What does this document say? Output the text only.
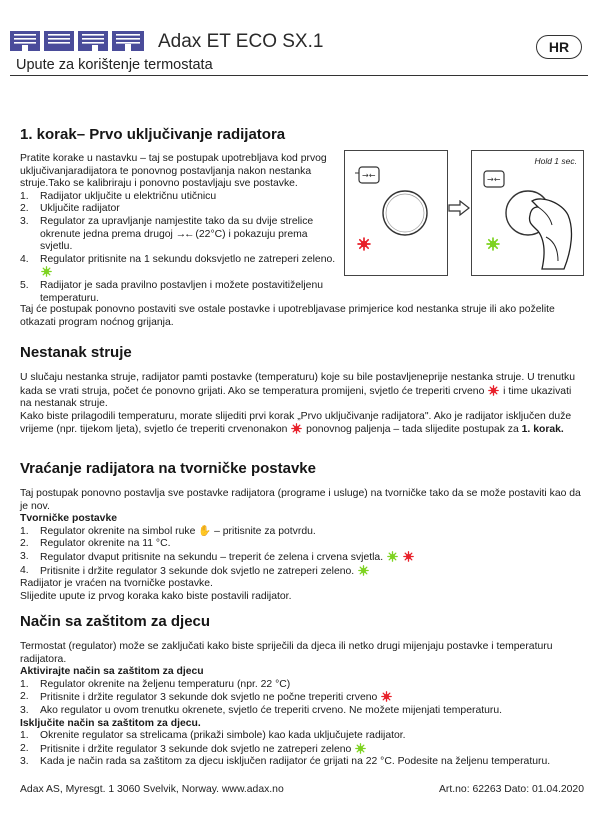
Adax ET ECO SX.1	HR
Upute za korištenje termostata
1. korak– Prvo uključivanje radijatora
Pratite korake u nastavku – taj se postupak upotrebljava kod prvog uključivanjaradijatora te ponovnog postavljanja nakon nestanka struje.Tako se kalibriraju i ponovno postavljaju sve postavke.
1.	Radijator uključite u električnu utičnicu
2.	Uključite radijator
3.	Regulator za upravljanje namjestite tako da su dvije strelice okrenute jedna prema drugoj →← (22°C) i pokazuju prema svjetlu.
4.	Regulator pritisnite na 1 sekundu doksvjetlo ne zatreperi zeleno.
5.	Radijator je sada pravilno postavljen i možete postavitiželjenu temperaturu.
→←
Hold 1 sec.
→←
Taj će postupak ponovno postaviti sve ostale postavke i upotrebljavase primjerice kod nestanka struje ili ako poželite otkazati program noćnog grijanja.
Nestanak struje
U slučaju nestanka struje, radijator pamti postavke (temperaturu) koje su bile postavljeneprije nestanka struje. U trenutku kada se vrati struja, počet će ponovno grijati. Ako se temperatura promijeni, svjetlo će treperiti crveno i time ukazivati na nestanak struje.
Kako biste prilagodili temperaturu, morate slijediti prvi korak „Prvo uključivanje radijatora". Ako je radijator isključen duže vrijeme (npr. tijekom ljeta), svjetlo će treperiti crvenonakon ponovnog paljenja – tada slijedite postupak za 1. korak.
Vraćanje radijatora na tvorničke postavke
Taj postupak ponovno postavlja sve postavke radijatora (programe i usluge) na tvorničke tako da se može postaviti kao da je nov.
Tvorničke postavke
1.	Regulator okrenite na simbol ruke ✋ – pritisnite za potvrdu.
2.	Regulator okrenite na 11 °C.
3.	Regulator dvaput pritisnite na sekundu – treperit će zelena i crvena svjetla.
4.	Pritisnite i držite regulator 3 sekunde dok svjetlo ne zatreperi zeleno.
Radijator je vraćen na tvorničke postavke.
Slijedite upute iz prvog koraka kako biste postavili radijator.
Način sa zaštitom za djecu
Termostat (regulator) može se zaključati kako biste spriječili da djeca ili netko drugi mijenjaju postavke i temperaturu radijatora.
Aktivirajte način sa zaštitom za djecu
1.	Regulator okrenite na željenu temperaturu (npr. 22 °C)
2.	Pritisnite i držite regulator 3 sekunde dok svjetlo ne počne treperiti crveno
3.	Ako regulator u ovom trenutku okrenete, svjetlo će treperiti crveno. Ne možete mijenjati temperaturu.
Isključite način sa zaštitom za djecu.
1.	Okrenite regulator sa strelicama (prikaži simbole) kao kada uključujete radijator.
2.	Pritisnite i držite regulator 3 sekunde dok svjetlo ne zatreperi zeleno
3.	Kada je način rada sa zaštitom za djecu isključen radijator će grijati na 22 °C. Podesite na željenu temperaturu.
Adax AS, Myresgt. 1 3060 Svelvik, Norway. www.adax.no	Art.no: 62263 Dato: 01.04.2020
